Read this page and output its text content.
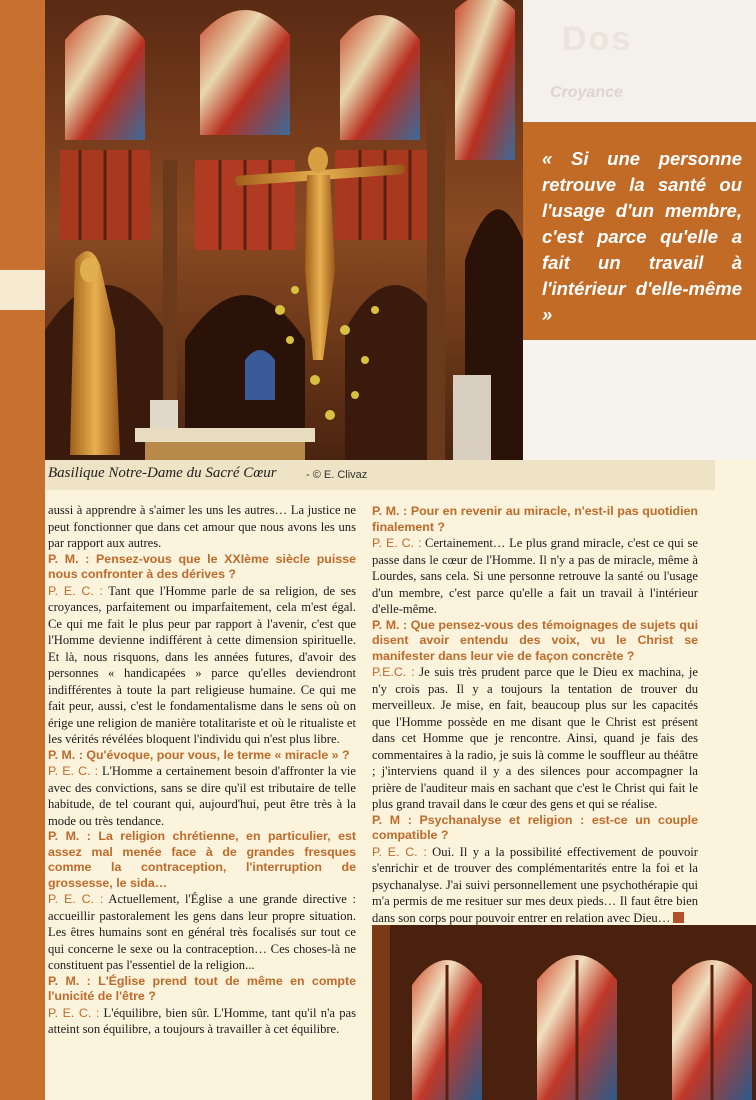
Dos
Croyance
« Si une personne retrouve la santé ou l'usage d'un membre, c'est parce qu'elle a fait un travail à l'intérieur d'elle-même »
Basilique Notre-Dame du Sacré Cœur	- © E. Clivaz

aussi à apprendre à s'aimer les uns les autres… La justice ne peut fonctionner que dans cet amour que nous avons les uns par rapport aux autres.

P. M. : Pensez-vous que le XXIème siècle puisse nous confronter à des dérives ?

P. E. C. : Tant que l'Homme parle de sa religion, de ses croyances, parfaitement ou imparfaitement, cela m'est égal. Ce qui me fait le plus peur par rapport à l'avenir, c'est que l'Homme devienne indifférent à cette dimension spirituelle. Et là, nous risquons, dans les années futures, d'avoir des personnes « handicapées » parce qu'elles deviendront indifférentes à toute la part religieuse humaine. Ce qui me fait peur, aussi, c'est le fondamentalisme dans le sens où on érige une religion de manière totalitariste et où le ritualiste et les vérités révélées bloquent l'individu qui n'est plus libre.

P. M. : Qu'évoque, pour vous, le terme « miracle » ?

P. E. C. : L'Homme a certainement besoin d'affronter la vie avec des convictions, sans se dire qu'il est tributaire de telle habitude, de tel courant qui, aujourd'hui, peut être très à la mode ou très tendance.

P. M. : La religion chrétienne, en particulier, est assez mal menée face à de grandes fresques comme la contraception, l'interruption de grossesse, le sida…

P. E. C. : Actuellement, l'Église a une grande directive : accueillir pastoralement les gens dans leur propre situation. Les êtres humains sont en général très focalisés sur tout ce qui concerne le sexe ou la contraception… Ces choses-là ne constituent pas l'essentiel de la religion...

P. M. : L'Église prend tout de même en compte l'unicité de l'être ?

P. E. C. : L'équilibre, bien sûr. L'Homme, tant qu'il n'a pas atteint son équilibre, a toujours à travailler à cet équilibre.

P. M. : Pour en revenir au miracle, n'est-il pas quotidien finalement ?

P. E. C. : Certainement… Le plus grand miracle, c'est ce qui se passe dans le cœur de l'Homme. Il n'y a pas de miracle, même à Lourdes, sans cela. Si une personne retrouve la santé ou l'usage d'un membre, c'est parce qu'elle a fait un travail à l'intérieur d'elle-même.

P. M. : Que pensez-vous des témoignages de sujets qui disent avoir entendu des voix, vu le Christ se manifester dans leur vie de façon concrète ?

P.E.C. : Je suis très prudent parce que le Dieu ex machina, je n'y crois pas. Il y a toujours la tentation de trouver du merveilleux. Je mise, en fait, beaucoup plus sur les capacités que l'Homme possède en me disant que le Christ est présent dans cet Homme que je rencontre. Ainsi, quand je fais des commentaires à la radio, je suis là comme le souffleur au théâtre ; j'interviens quand il y a des silences pour accompagner la prière de l'auditeur mais en sachant que c'est le Christ qui fait le plus grand travail dans le cœur des gens et qui se réalise.

P. M : Psychanalyse et religion : est-ce un couple compatible ?

P. E. C. : Oui. Il y a la possibilité effectivement de pouvoir s'enrichir et de trouver des complémentarités entre la foi et la psychanalyse. J'ai suivi personnellement une psychothérapie qui m'a permis de me resituer sur mes deux pieds… Il faut être bien dans son corps pour pouvoir entrer en relation avec Dieu…
